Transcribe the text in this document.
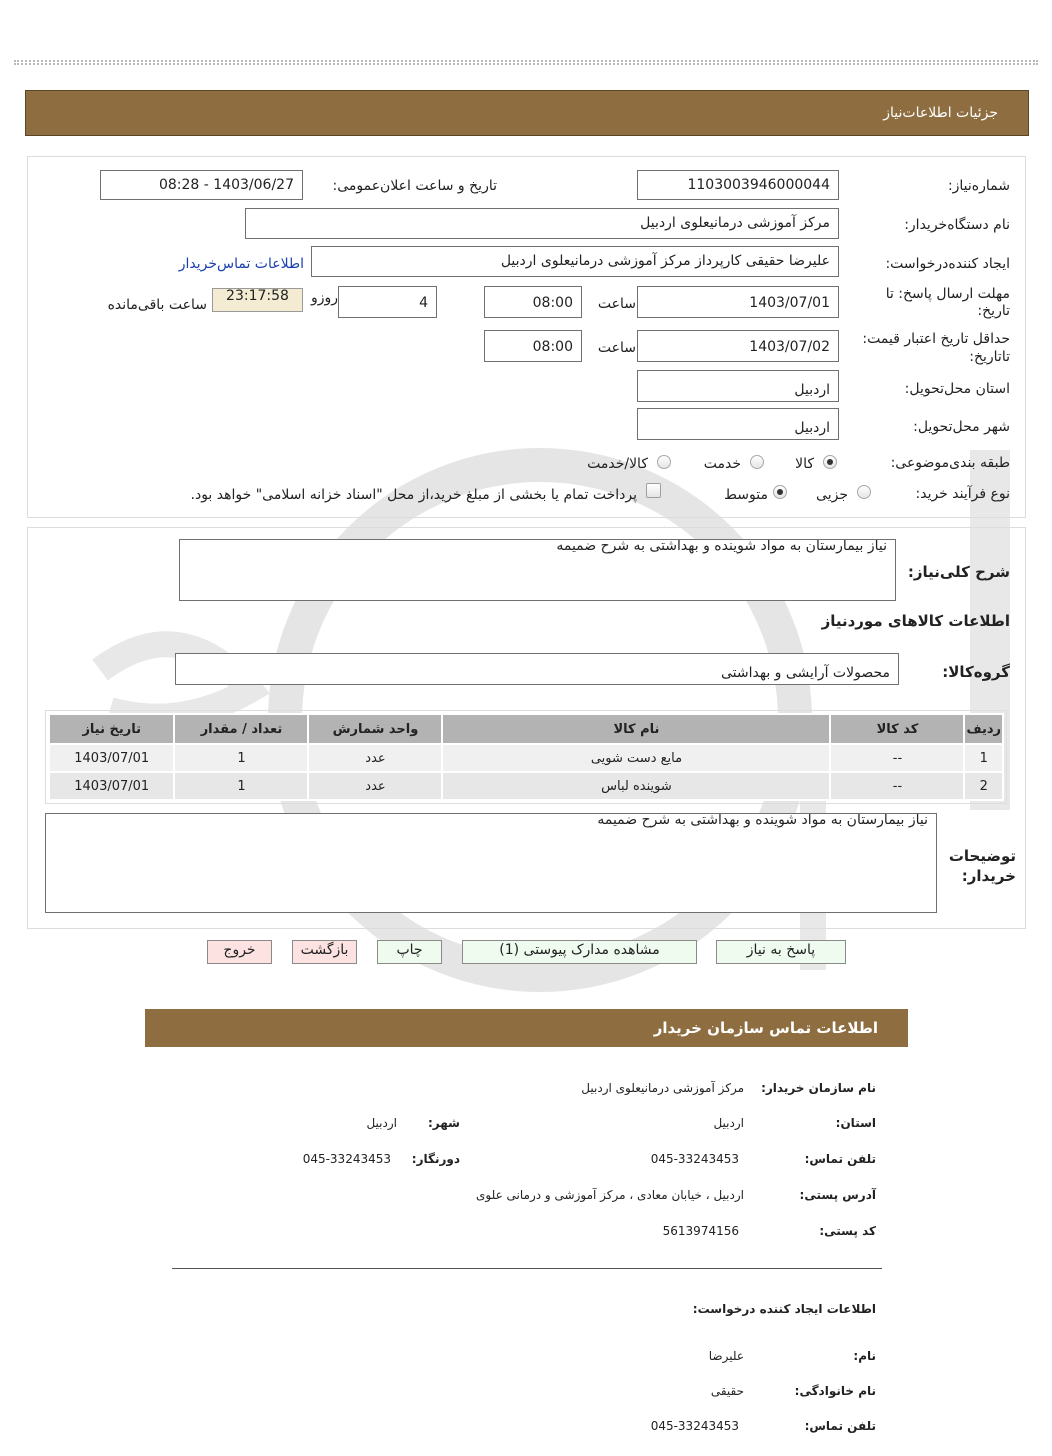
جزئیات اطلاعات‌نیاز
شماره‌نیاز:
1103003946000044
تاریخ و ساعت اعلان‌عمومی:
1403/06/27 - 08:28
نام دستگاه‌خریدار:
مرکز آموزشی درمانیعلوی اردبیل
ایجاد کننده‌درخواست:
علیرضا حقیقی کارپرداز مرکز آموزشی درمانیعلوی اردبیل
اطلاعات تماس‌خریدار
مهلت ارسال پاسخ: تا تاریخ:
1403/07/01
ساعت
08:00
4
روزو
23:17:58
ساعت باقی‌مانده
حداقل تاریخ اعتبار قیمت: تاتاریخ:
1403/07/02
ساعت
08:00
استان محل‌تحویل:
اردبیل
شهر محل‌تحویل:
اردبیل
طبقه بندی‌موضوعی:
کالا
خدمت
کالا/خدمت
نوع فرآیند خرید:
جزیی
متوسط
پرداخت تمام یا بخشی از مبلغ خرید،از محل "اسناد خزانه اسلامی" خواهد بود.
شرح کلی‌نیاز:
نیاز بیمارستان به مواد شوینده و بهداشتی به شرح ضمیمه
اطلاعات کالاهای موردنیاز
گروه‌کالا:
محصولات آرایشی و بهداشتی
ردیف	کد کالا	نام کالا	واحد شمارش	تعداد / مقدار	تاریخ نیاز
1	--	مایع دست شویی	عدد	1	1403/07/01
2	--	شوینده لباس	عدد	1	1403/07/01
نیاز بیمارستان به مواد شوینده و بهداشتی به شرح ضمیمه
توضیحات خریدار:
پاسخ به نیاز
مشاهده مدارک پیوستی (1)
چاپ
بازگشت
خروج
اطلاعات تماس سازمان خریدار
نام سازمان خریدار:
مرکز آموزشی درمانیعلوی اردبیل
استان:
اردبیل
شهر:
اردبیل
تلفن تماس:
045-33243453
دورنگار:
045-33243453
آدرس پستی:
اردبیل ، خیابان معادی ، مرکز آموزشی و درمانی علوی
کد پستی:
5613974156
اطلاعات ایجاد کننده درخواست:
نام:
علیرضا
نام خانوادگی:
حقیقی
تلفن تماس:
045-33243453
